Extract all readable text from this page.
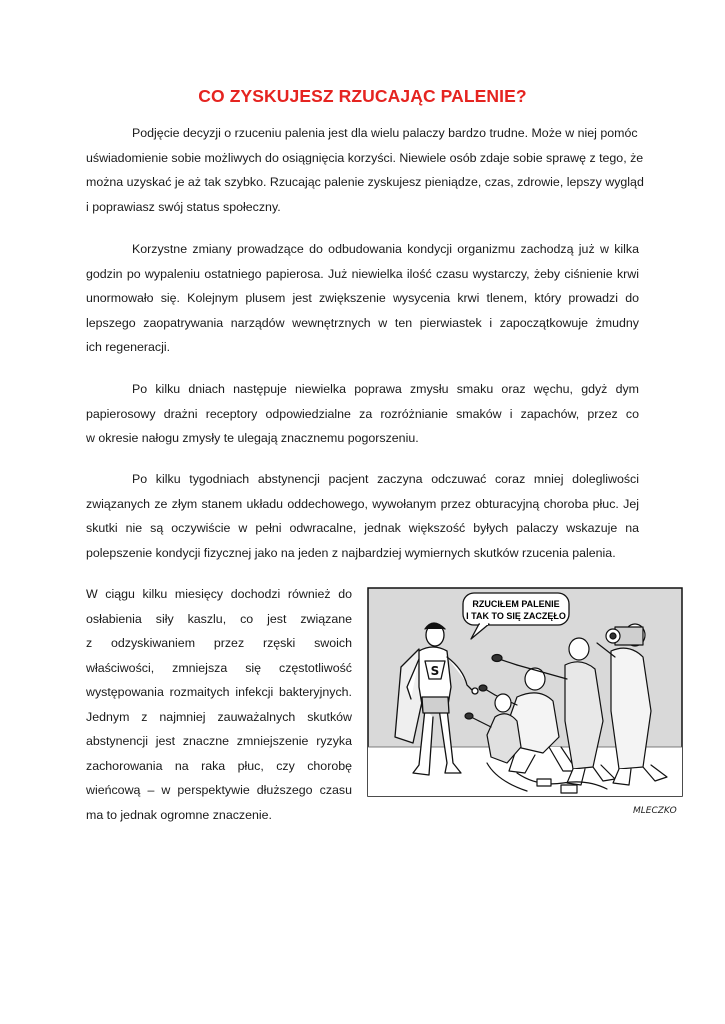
CO ZYSKUJESZ RZUCAJĄC PALENIE?
Podjęcie decyzji o rzuceniu palenia jest dla wielu palaczy bardzo trudne. Może w niej pomóc
uświadomienie sobie możliwych do osiągnięcia korzyści. Niewiele osób zdaje sobie sprawę z tego, że
można uzyskać je aż tak szybko. Rzucając palenie zyskujesz pieniądze, czas, zdrowie, lepszy wygląd
i poprawiasz swój status społeczny.
Korzystne zmiany prowadzące do odbudowania kondycji organizmu zachodzą już w kilka
godzin po wypaleniu ostatniego papierosa. Już niewielka ilość czasu wystarczy, żeby ciśnienie krwi
unormowało się. Kolejnym plusem jest zwiększenie wysycenia krwi tlenem, który prowadzi do
lepszego zaopatrywania narządów wewnętrznych w ten pierwiastek i zapoczątkowuje żmudny
ich regeneracji.
Po kilku dniach następuje niewielka poprawa zmysłu smaku oraz węchu, gdyż dym
papierosowy drażni receptory odpowiedzialne za rozróżnianie smaków i zapachów, przez co
w okresie nałogu zmysły te ulegają znacznemu pogorszeniu.
Po kilku tygodniach abstynencji pacjent zaczyna odczuwać coraz mniej dolegliwości
związanych ze złym stanem układu oddechowego, wywołanym przez obturacyjną choroba płuc. Jej
skutki nie są oczywiście w pełni odwracalne, jednak większość byłych palaczy wskazuje na
polepszenie kondycji fizycznej jako na jeden z najbardziej wymiernych skutków rzucenia palenia.
W ciągu kilku miesięcy dochodzi również do
osłabienia siły kaszlu, co jest związane
z odzyskiwaniem przez rzęski swoich
właściwości, zmniejsza się częstotliwość
występowania rozmaitych infekcji bakteryjnych.
Jednym z najmniej zauważalnych skutków
abstynencji jest znaczne zmniejszenie ryzyka
zachorowania na raka płuc, czy chorobę
wieńcową – w perspektywie dłuższego czasu
ma to jednak ogromne znaczenie.
RZUCIŁEM PALENIE
I TAK TO SIĘ ZACZĘŁO
S
MLECZKO
